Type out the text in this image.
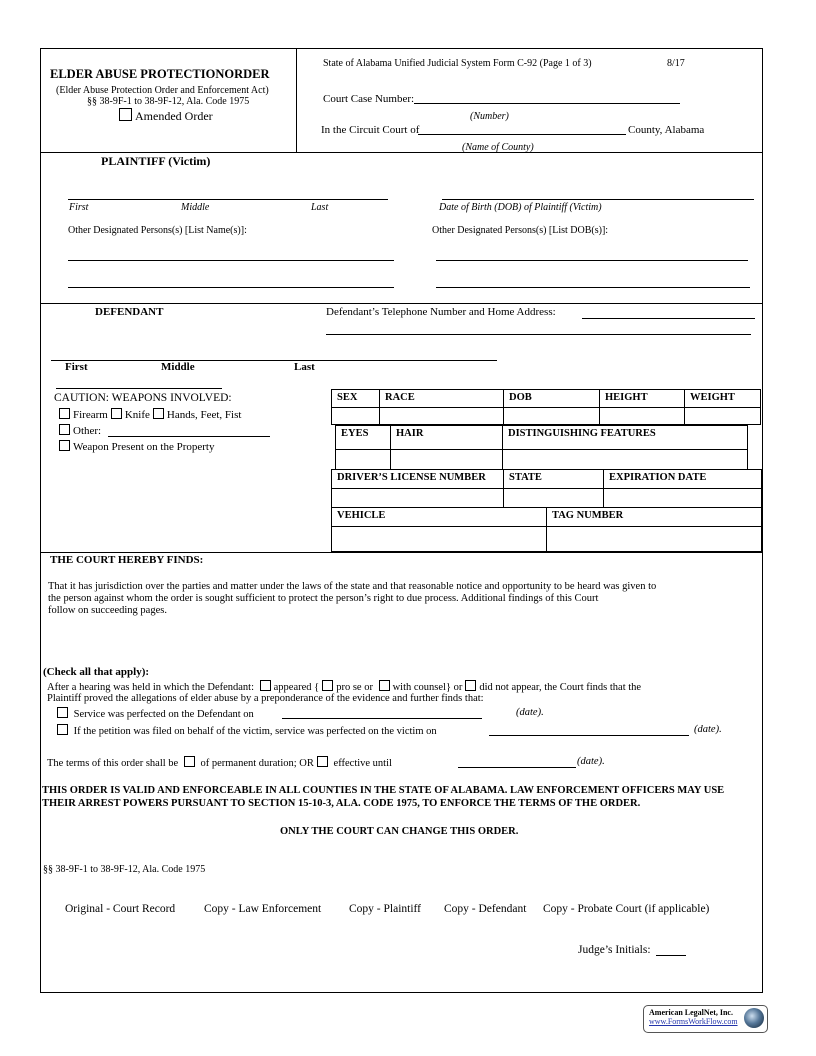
ELDER ABUSE PROTECTIONORDER
(Elder Abuse Protection Order and Enforcement Act)
§§ 38-9F-1 to 38-9F-12, Ala. Code 1975
Amended Order
State of Alabama Unified Judicial System Form C-92 (Page 1 of 3)	8/17
Court Case Number:
(Number)
In the Circuit Court of	County, Alabama
(Name of County)
PLAINTIFF (Victim)
First	Middle	Last	Date of Birth (DOB) of Plaintiff (Victim)
Other Designated Persons(s) [List Name(s)]:	Other Designated Persons(s) [List DOB(s)]:
DEFENDANT	Defendant’s Telephone Number and Home Address:
First	Middle	Last
CAUTION: WEAPONS INVOLVED:
Firearm Knife Hands, Feet, Fist
Other:
Weapon Present on the Property
SEX	RACE	DOB	HEIGHT	WEIGHT
EYES	HAIR	DISTINGUISHING FEATURES
DRIVER’S LICENSE NUMBER	STATE	EXPIRATION DATE
VEHICLE	TAG NUMBER
THE COURT HEREBY FINDS:
That it has jurisdiction over the parties and matter under the laws of the state and that reasonable notice and opportunity to be heard was given to
the person against whom the order is sought sufficient to protect the person’s right to due process. Additional findings of this Court
follow on succeeding pages.
(Check all that apply):
After a hearing was held in which the Defendant: appeared { pro se or with counsel} or did not appear, the Court finds that the
Plaintiff proved the allegations of elder abuse by a preponderance of the evidence and further finds that:
Service was perfected on the Defendant on	(date).
If the petition was filed on behalf of the victim, service was perfected on the victim on	(date).
The terms of this order shall be of permanent duration; OR effective until	(date).
THIS ORDER IS VALID AND ENFORCEABLE IN ALL COUNTIES IN THE STATE OF ALABAMA. LAW ENFORCEMENT OFFICERS MAY USE
THEIR ARREST POWERS PURSUANT TO SECTION 15-10-3, ALA. CODE 1975, TO ENFORCE THE TERMS OF THE ORDER.
ONLY THE COURT CAN CHANGE THIS ORDER.
§§ 38-9F-1 to 38-9F-12, Ala. Code 1975
Original - Court Record	Copy - Law Enforcement Copy - Plaintiff Copy - Defendant Copy - Probate Court (if applicable)
Judge’s Initials:
American LegalNet, Inc.
www.FormsWorkFlow.com
